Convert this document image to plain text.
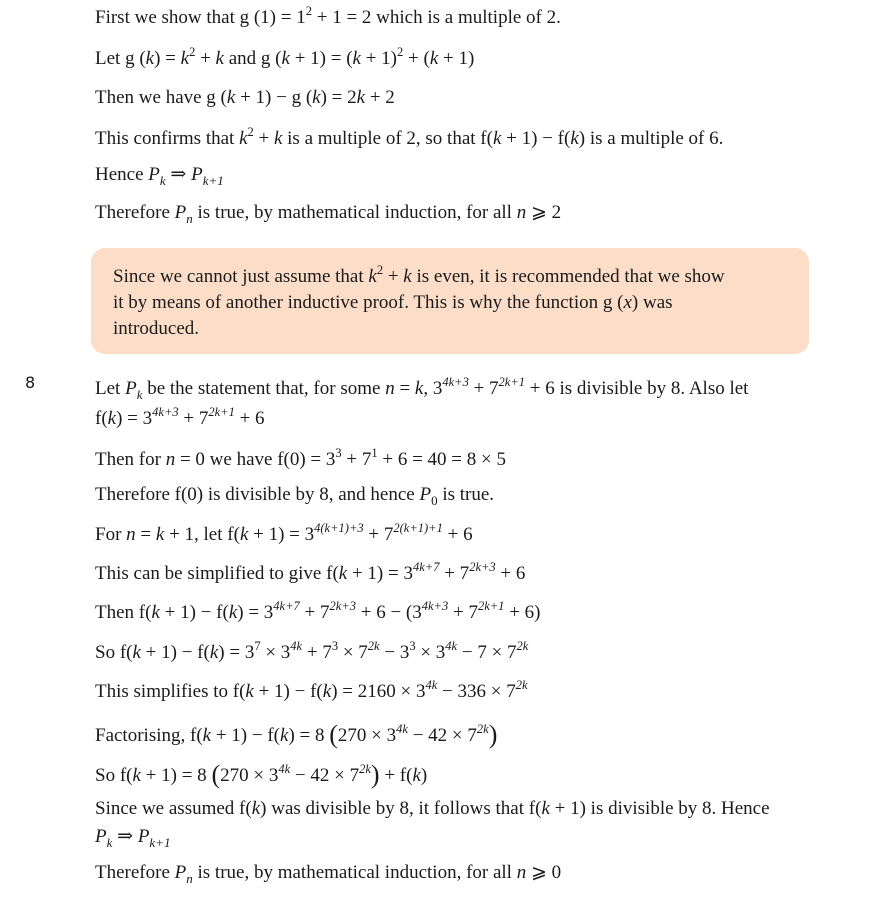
First we show that g $(1) = 1^2 + 1 = 2$ which is a multiple of 2.
Let g $(k) = k^2 + k$ and g $(k + 1) = (k + 1)^2 + (k + 1)$
Then we have g (k + 1) − g (k) = 2k + 2
This confirms that $k^2 + k$ is a multiple of 2, so that f(k + 1) − f(k) is a multiple of 6.
Hence $P_k$ ⇒ $P_{k+1}$
Therefore $P_n$ is true, by mathematical induction, for all n ⩾ 2
Since we cannot just assume that $k^2 + k$ is even, it is recommended that we show
it by means of another inductive proof. This is why the function g (x) was
introduced.
8	Let $P_k$ be the statement that, for some n = k, $3^{4k+3} + 7^{2k+1} + 6$ is divisible by 8. Also let
$f(k) = 3^{4k+3} + 7^{2k+1} + 6$
Then for n = 0 we have $f(0) = 3^3 + 7^1 + 6 = 40 = 8 \times 5$
Therefore f(0) is divisible by 8, and hence $P_0$ is true.
For n = k + 1, let $f(k + 1) = 3^{4(k+1)+3} + 7^{2(k+1)+1} + 6$
This can be simplified to give $f(k + 1) = 3^{4k+7} + 7^{2k+3} + 6$
Then $f(k + 1) - f(k) = 3^{4k+7} + 7^{2k+3} + 6 - (3^{4k+3} + 7^{2k+1} + 6)$
So $f(k + 1) - f(k) = 3^7 \times 3^{4k} + 7^3 \times 7^{2k} - 3^3 \times 3^{4k} - 7 \times 7^{2k}$
This simplifies to $f(k + 1) - f(k) = 2160 \times 3^{4k} - 336 \times 7^{2k}$
Factorising, f(k + 1) − f(k) = 8 $(270 \times 3^{4k} - 42 \times 7^{2k})$
So f(k + 1) = 8 $(270 \times 3^{4k} - 42 \times 7^{2k}) + f(k)$
Since we assumed f(k) was divisible by 8, it follows that f(k + 1) is divisible by 8. Hence
$P_k$ ⇒ $P_{k+1}$
Therefore $P_n$ is true, by mathematical induction, for all n ⩾ 0
